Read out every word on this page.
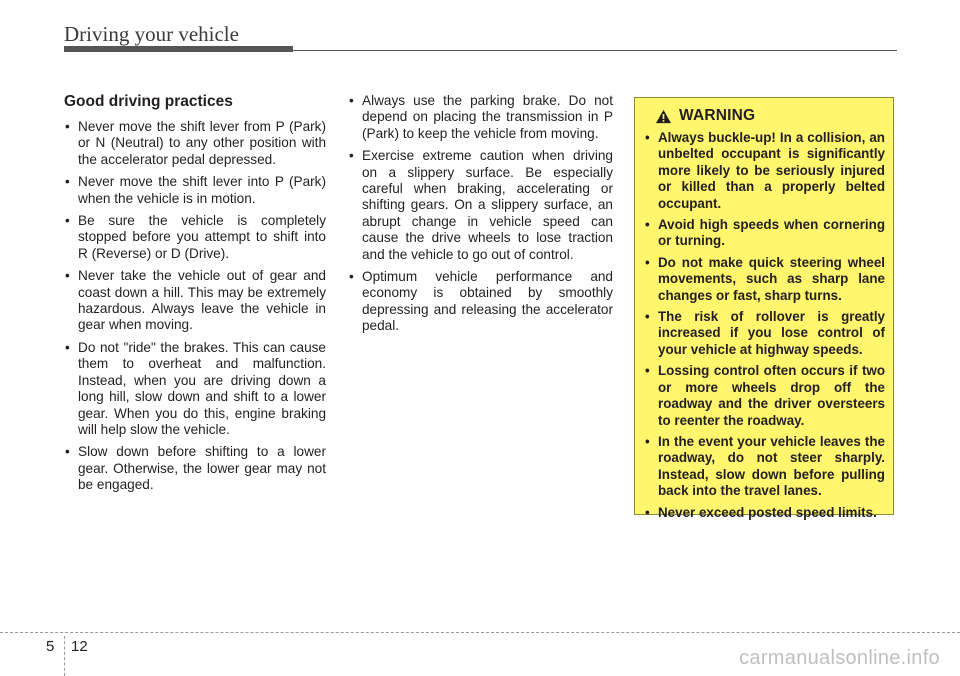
Driving your vehicle
Good driving practices
• Never move the shift lever from P (Park) or N (Neutral) to any other position with the accelerator pedal depressed.
• Never move the shift lever into P (Park) when the vehicle is in motion.
• Be sure the vehicle is completely stopped before you attempt to shift into R (Reverse) or D (Drive).
• Never take the vehicle out of gear and coast down a hill. This may be extremely hazardous. Always leave the vehicle in gear when moving.
• Do not "ride" the brakes. This can cause them to overheat and malfunction. Instead, when you are driving down a long hill, slow down and shift to a lower gear. When you do this, engine braking will help slow the vehicle.
• Slow down before shifting to a lower gear. Otherwise, the lower gear may not be engaged.
• Always use the parking brake. Do not depend on placing the transmission in P (Park) to keep the vehicle from moving.
• Exercise extreme caution when driving on a slippery surface. Be especially careful when braking, accelerating or shifting gears. On a slippery surface, an abrupt change in vehicle speed can cause the drive wheels to lose traction and the vehicle to go out of control.
• Optimum vehicle performance and economy is obtained by smoothly depressing and releasing the accelerator pedal.
WARNING
• Always buckle-up! In a collision, an unbelted occupant is significantly more likely to be seriously injured or killed than a properly belted occupant.
• Avoid high speeds when cornering or turning.
• Do not make quick steering wheel movements, such as sharp lane changes or fast, sharp turns.
• The risk of rollover is greatly increased if you lose control of your vehicle at highway speeds.
• Lossing control often occurs if two or more wheels drop off the roadway and the driver oversteers to reenter the roadway.
• In the event your vehicle leaves the roadway, do not steer sharply. Instead, slow down before pulling back into the travel lanes.
• Never exceed posted speed limits.
5 12
carmanualsonline.info
